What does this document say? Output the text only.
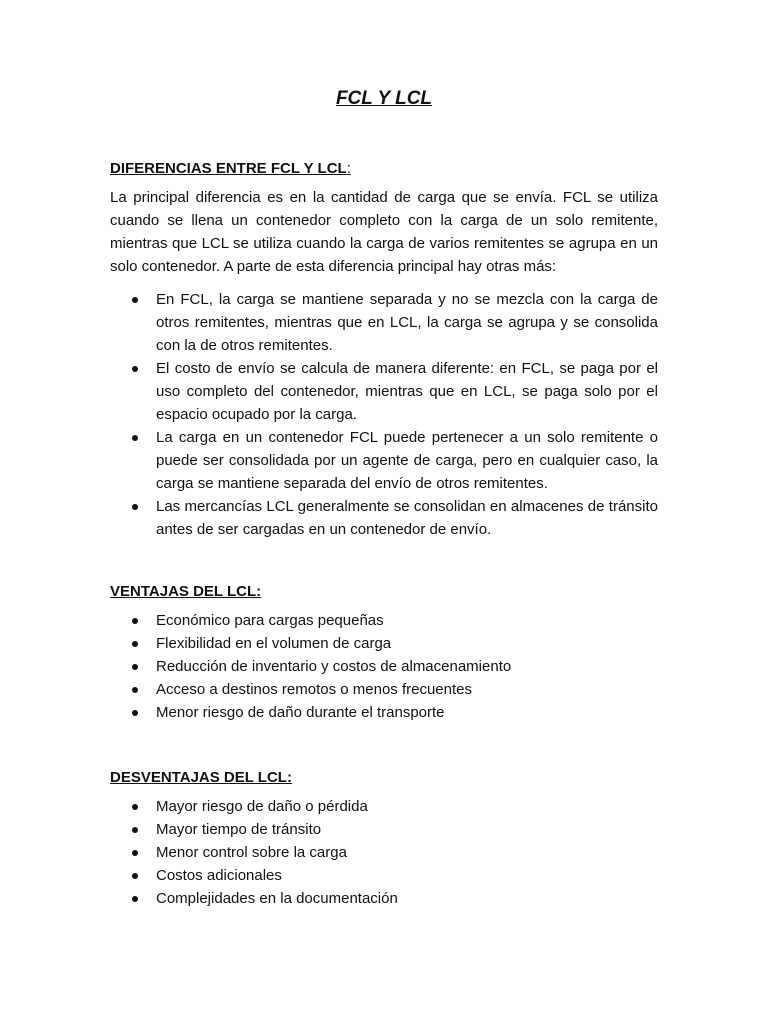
FCL Y LCL
DIFERENCIAS ENTRE FCL Y LCL:

La principal diferencia es en la cantidad de carga que se envía. FCL se utiliza cuando se llena un contenedor completo con la carga de un solo remitente, mientras que LCL se utiliza cuando la carga de varios remitentes se agrupa en un solo contenedor. A parte de esta diferencia principal hay otras más:

En FCL, la carga se mantiene separada y no se mezcla con la carga de otros remitentes, mientras que en LCL, la carga se agrupa y se consolida con la de otros remitentes.
El costo de envío se calcula de manera diferente: en FCL, se paga por el uso completo del contenedor, mientras que en LCL, se paga solo por el espacio ocupado por la carga.
La carga en un contenedor FCL puede pertenecer a un solo remitente o puede ser consolidada por un agente de carga, pero en cualquier caso, la carga se mantiene separada del envío de otros remitentes.
Las mercancías LCL generalmente se consolidan en almacenes de tránsito antes de ser cargadas en un contenedor de envío.
VENTAJAS DEL LCL:
Económico para cargas pequeñas
Flexibilidad en el volumen de carga
Reducción de inventario y costos de almacenamiento
Acceso a destinos remotos o menos frecuentes
Menor riesgo de daño durante el transporte
DESVENTAJAS DEL LCL:
Mayor riesgo de daño o pérdida
Mayor tiempo de tránsito
Menor control sobre la carga
Costos adicionales
Complejidades en la documentación
